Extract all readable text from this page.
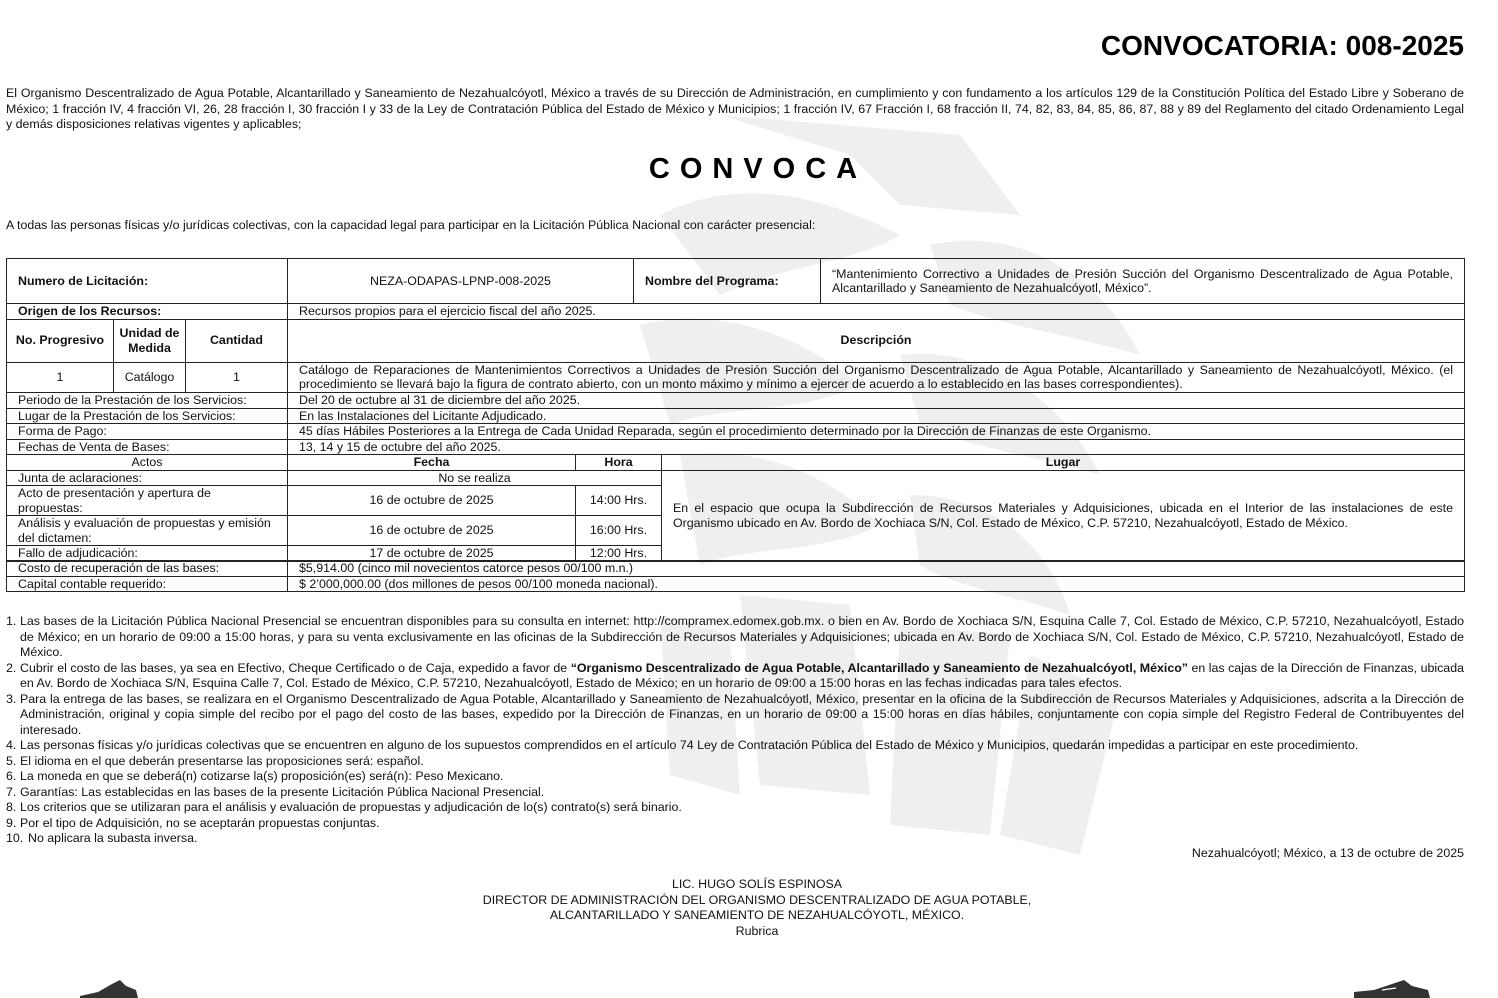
CONVOCATORIA: 008-2025
El Organismo Descentralizado de Agua Potable, Alcantarillado y Saneamiento de Nezahualcóyotl, México a través de su Dirección de Administración, en cumplimiento y con fundamento a los artículos 129 de la Constitución Política del Estado Libre y Soberano de México; 1 fracción IV, 4 fracción VI, 26, 28 fracción I, 30 fracción I y 33 de la Ley de Contratación Pública del Estado de México y Municipios; 1 fracción IV, 67 Fracción I, 68 fracción II, 74, 82, 83, 84, 85, 86, 87, 88 y 89 del Reglamento del citado Ordenamiento Legal y demás disposiciones relativas vigentes y aplicables;
CONVOCA
A todas las personas físicas y/o jurídicas colectivas, con la capacidad legal para participar en la Licitación Pública Nacional con carácter presencial:
Numero de Licitación:	NEZA-ODAPAS-LPNP-008-2025	Nombre del Programa:	“Mantenimiento Correctivo a Unidades de Presión Succión del Organismo Descentralizado de Agua Potable, Alcantarillado y Saneamiento de Nezahualcóyotl, México”.
Origen de los Recursos:			Recursos propios para el ejercicio fiscal del año 2025.
No. Progresivo	Unidad de Medida	Cantidad	Descripción
1	Catálogo	1	Catálogo de Reparaciones de Mantenimientos Correctivos a Unidades de Presión Succión del Organismo Descentralizado de Agua Potable, Alcantarillado y Saneamiento de Nezahualcóyotl, México. (el procedimiento se llevará bajo la figura de contrato abierto, con un monto máximo y mínimo a ejercer de acuerdo a lo establecido en las bases correspondientes).
Periodo de la Prestación de los Servicios:	Del 20 de octubre al 31 de diciembre del año 2025.
Lugar de la Prestación de los Servicios:	En las Instalaciones del Licitante Adjudicado.
Forma de Pago:	45 días Hábiles Posteriores a la Entrega de Cada Unidad Reparada, según el procedimiento determinado por la Dirección de Finanzas de este Organismo.
Fechas de Venta de Bases:	13, 14 y 15 de octubre del año 2025.
Actos	Fecha	Hora	Lugar
Junta de aclaraciones:	No se realiza		En el espacio que ocupa la Subdirección de Recursos Materiales y Adquisiciones, ubicada en el Interior de las instalaciones de este Organismo ubicado en Av. Bordo de Xochiaca S/N, Col. Estado de México, C.P. 57210, Nezahualcóyotl, Estado de México.
Acto de presentación y apertura de propuestas:	16 de octubre de 2025	14:00 Hrs.	
Análisis y evaluación de propuestas y emisión del dictamen:	16 de octubre de 2025	16:00 Hrs.	
Fallo de adjudicación:	17 de octubre de 2025	12:00 Hrs.	
Costo de recuperación de las bases:	$5,914.00 (cinco mil novecientos catorce pesos 00/100 m.n.)
Capital contable requerido:	$ 2’000,000.00 (dos millones de pesos 00/100 moneda nacional).
1. Las bases de la Licitación Pública Nacional Presencial se encuentran disponibles para su consulta en internet: http://compramex.edomex.gob.mx. o bien en Av. Bordo de Xochiaca S/N, Esquina Calle 7, Col. Estado de México, C.P. 57210, Nezahualcóyotl, Estado de México; en un horario de 09:00 a 15:00 horas, y para su venta exclusivamente en las oficinas de la Subdirección de Recursos Materiales y Adquisiciones; ubicada en Av. Bordo de Xochiaca S/N, Col. Estado de México, C.P. 57210, Nezahualcóyotl, Estado de México.
2. Cubrir el costo de las bases, ya sea en Efectivo, Cheque Certificado o de Caja, expedido a favor de “Organismo Descentralizado de Agua Potable, Alcantarillado y Saneamiento de Nezahualcóyotl, México” en las cajas de la Dirección de Finanzas, ubicada en Av. Bordo de Xochiaca S/N, Esquina Calle 7, Col. Estado de México, C.P. 57210, Nezahualcóyotl, Estado de México; en un horario de 09:00 a 15:00 horas en las fechas indicadas para tales efectos.
3. Para la entrega de las bases, se realizara en el Organismo Descentralizado de Agua Potable, Alcantarillado y Saneamiento de Nezahualcóyotl, México, presentar en la oficina de la Subdirección de Recursos Materiales y Adquisiciones, adscrita a la Dirección de Administración, original y copia simple del recibo por el pago del costo de las bases, expedido por la Dirección de Finanzas, en un horario de 09:00 a 15:00 horas en días hábiles, conjuntamente con copia simple del Registro Federal de Contribuyentes del interesado.
4. Las personas físicas y/o jurídicas colectivas que se encuentren en alguno de los supuestos comprendidos en el artículo 74 Ley de Contratación Pública del Estado de México y Municipios, quedarán impedidas a participar en este procedimiento.
5. El idioma en el que deberán presentarse las proposiciones será: español.
6. La moneda en que se deberá(n) cotizarse la(s) proposición(es) será(n): Peso Mexicano.
7. Garantías: Las establecidas en las bases de la presente Licitación Pública Nacional Presencial.
8. Los criterios que se utilizaran para el análisis y evaluación de propuestas y adjudicación de lo(s) contrato(s) será binario.
9. Por el tipo de Adquisición, no se aceptarán propuestas conjuntas.
10. No aplicara la subasta inversa.
Nezahualcóyotl; México, a 13 de octubre de 2025
LIC. HUGO SOLÍS ESPINOSA
DIRECTOR DE ADMINISTRACIÓN DEL ORGANISMO DESCENTRALIZADO DE AGUA POTABLE,
ALCANTARILLADO Y SANEAMIENTO DE NEZAHUALCÓYOTL, MÉXICO.
Rubrica
